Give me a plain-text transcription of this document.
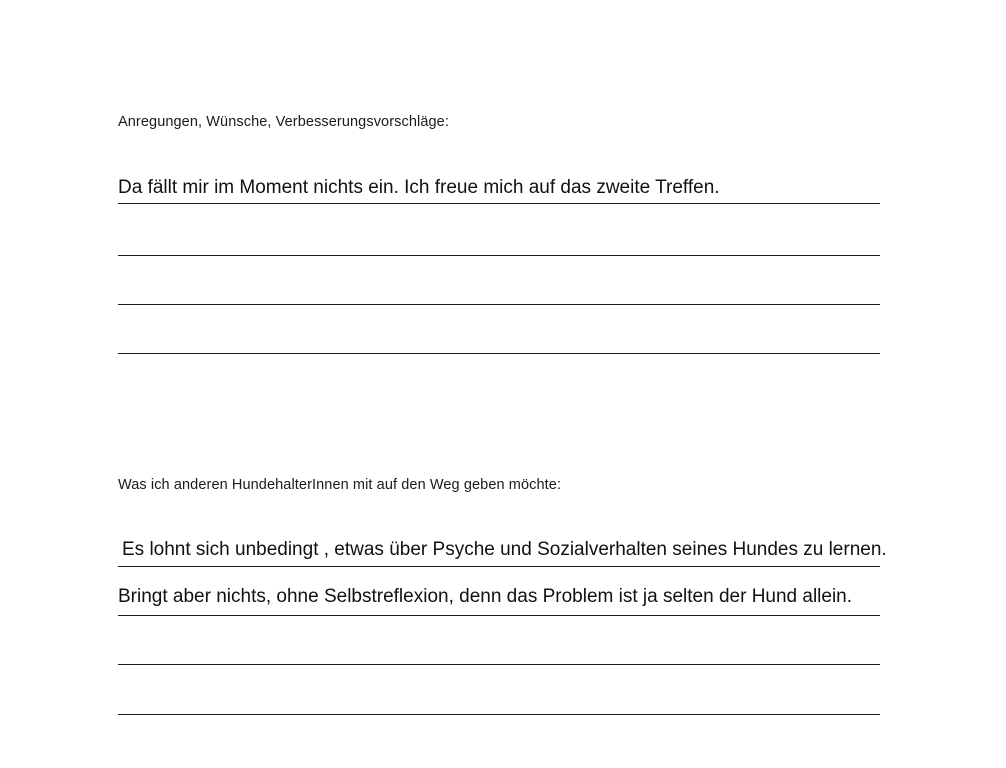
Anregungen, Wünsche, Verbesserungsvorschläge:
Da fällt mir im Moment nichts ein. Ich freue mich auf das zweite Treffen.
Was ich anderen HundehalterInnen mit auf den Weg geben möchte:
Es lohnt sich unbedingt , etwas über Psyche und Sozialverhalten seines Hundes zu lernen.
Bringt aber nichts, ohne Selbstreflexion, denn das Problem ist ja selten der Hund allein.
